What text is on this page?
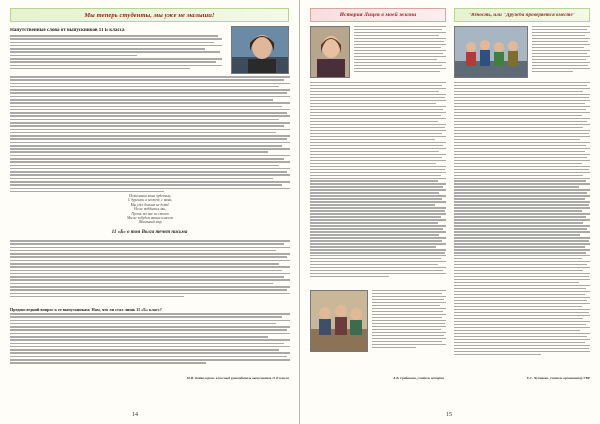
Мы теперь студенты, мы уже не малыши!
Напутственные слова от выпускников 11 Б класса
Пожелания этих чудесных,
С другими, а может, с вами,
Мы уже больше не дети!
Но не поддались мы,
Пусть же вас не стоит
Мы не забудем наших классов
Школьный мир
11 «Б» о том Волга течет письма
Предпоследний вопрос к ее выпускникам: Нам, что ли стал лишь 11 «Б» класс?
М.И. Бойко,героев, классный руководитель выпускников 11 Б класса
14
История Лицея в моей жизни
Л.В. Грибанова, учитель истории
"Юность, или "Дружба проверяется вместе"
Е.С. Чупикова, учитель-организатор УВР
15
